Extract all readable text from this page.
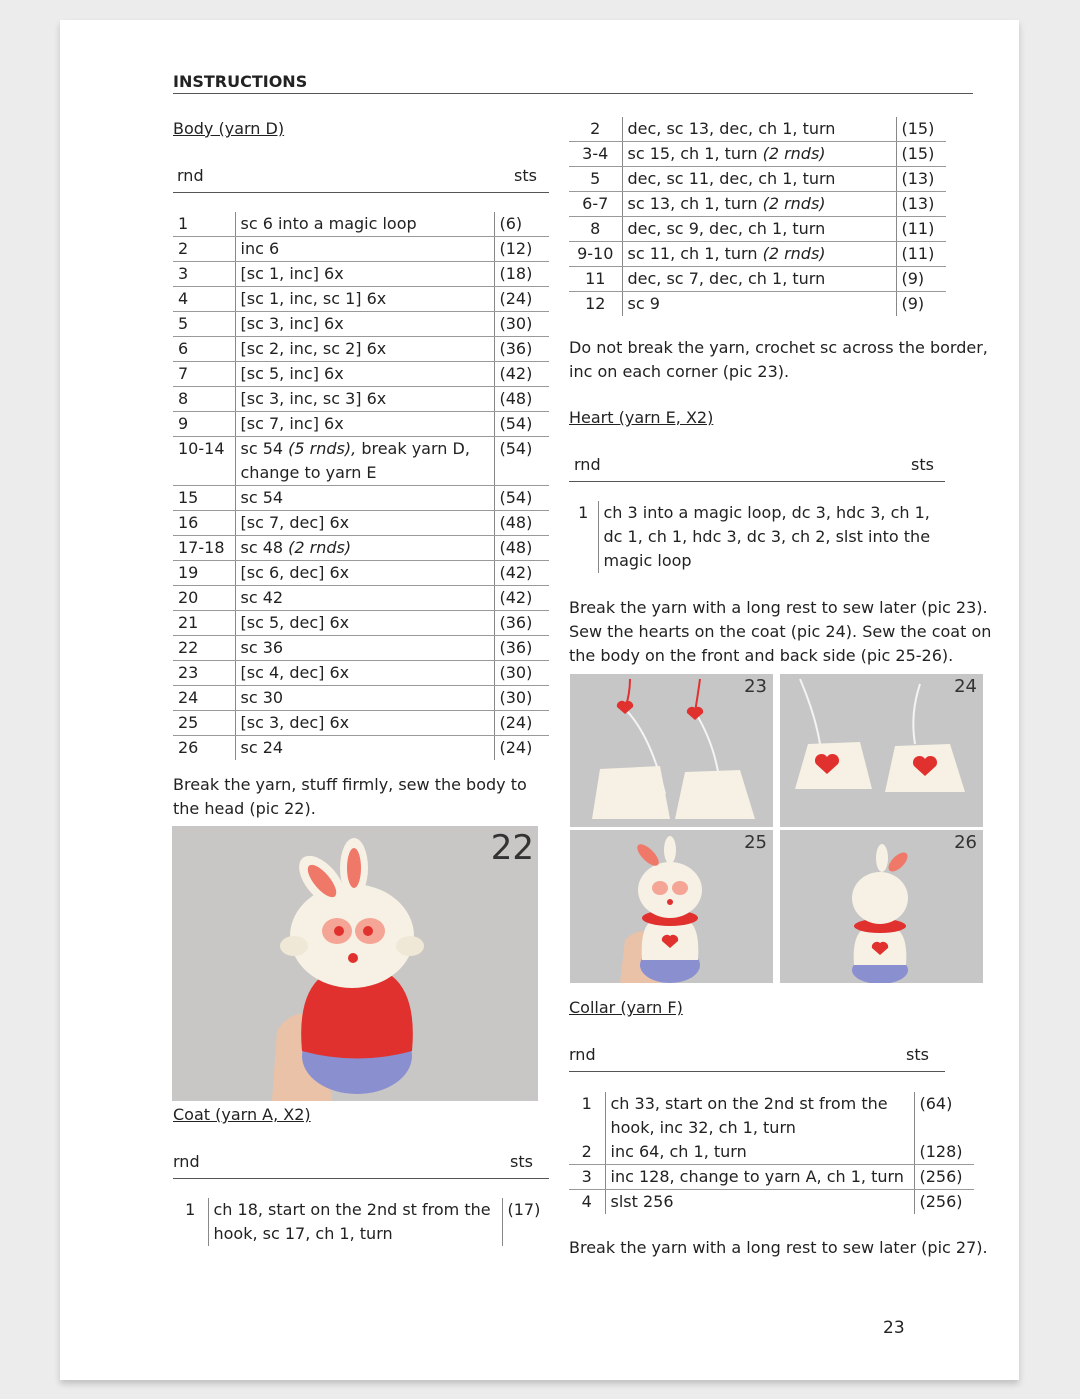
INSTRUCTIONS
Body (yarn D)
rnd	sts
1	sc 6 into a magic loop	(6)
2	inc 6	(12)
3	[sc 1, inc] 6x	(18)
4	[sc 1, inc, sc 1] 6x	(24)
5	[sc 3, inc] 6x	(30)
6	[sc 2, inc, sc 2] 6x	(36)
7	[sc 5, inc] 6x	(42)
8	[sc 3, inc, sc 3] 6x	(48)
9	[sc 7, inc] 6x	(54)
10-14	sc 54 (5 rnds), break yarn D, change to yarn E	(54)
15	sc 54	(54)
16	[sc 7, dec] 6x	(48)
17-18	sc 48 (2 rnds)	(48)
19	[sc 6, dec] 6x	(42)
20	sc 42	(42)
21	[sc 5, dec] 6x	(36)
22	sc 36	(36)
23	[sc 4, dec] 6x	(30)
24	sc 30	(30)
25	[sc 3, dec] 6x	(24)
26	sc 24	(24)
Break the yarn, stuff firmly, sew the body to the head (pic 22).
22
Coat (yarn A, X2)
rnd	sts
1	ch 18, start on the 2nd st from the hook, sc 17, ch 1, turn	(17)
2	dec, sc 13, dec, ch 1, turn	(15)
3-4	sc 15, ch 1, turn (2 rnds)	(15)
5	dec, sc 11, dec, ch 1, turn	(13)
6-7	sc 13, ch 1, turn (2 rnds)	(13)
8	dec, sc 9, dec, ch 1, turn	(11)
9-10	sc 11, ch 1, turn (2 rnds)	(11)
11	dec, sc 7, dec, ch 1, turn	(9)
12	sc 9	(9)
Do not break the yarn, crochet sc across the border, inc on each corner (pic 23).
Heart (yarn E, X2)
rnd	sts
1	ch 3 into a magic loop, dc 3, hdc 3, ch 1, dc 1, ch 1, hdc 3, dc 3, ch 2, slst into the magic loop
Break the yarn with a long rest to sew later (pic 23). Sew the hearts on the coat (pic 24). Sew the coat on the body on the front and back side (pic 25-26).
23	24
25	26
Collar (yarn F)
rnd	sts
1	ch 33, start on the 2nd st from the hook, inc 32, ch 1, turn	(64)
2	inc 64, ch 1, turn	(128)
3	inc 128, change to yarn A, ch 1, turn	(256)
4	slst 256	(256)
Break the yarn with a long rest to sew later (pic 27).
23
